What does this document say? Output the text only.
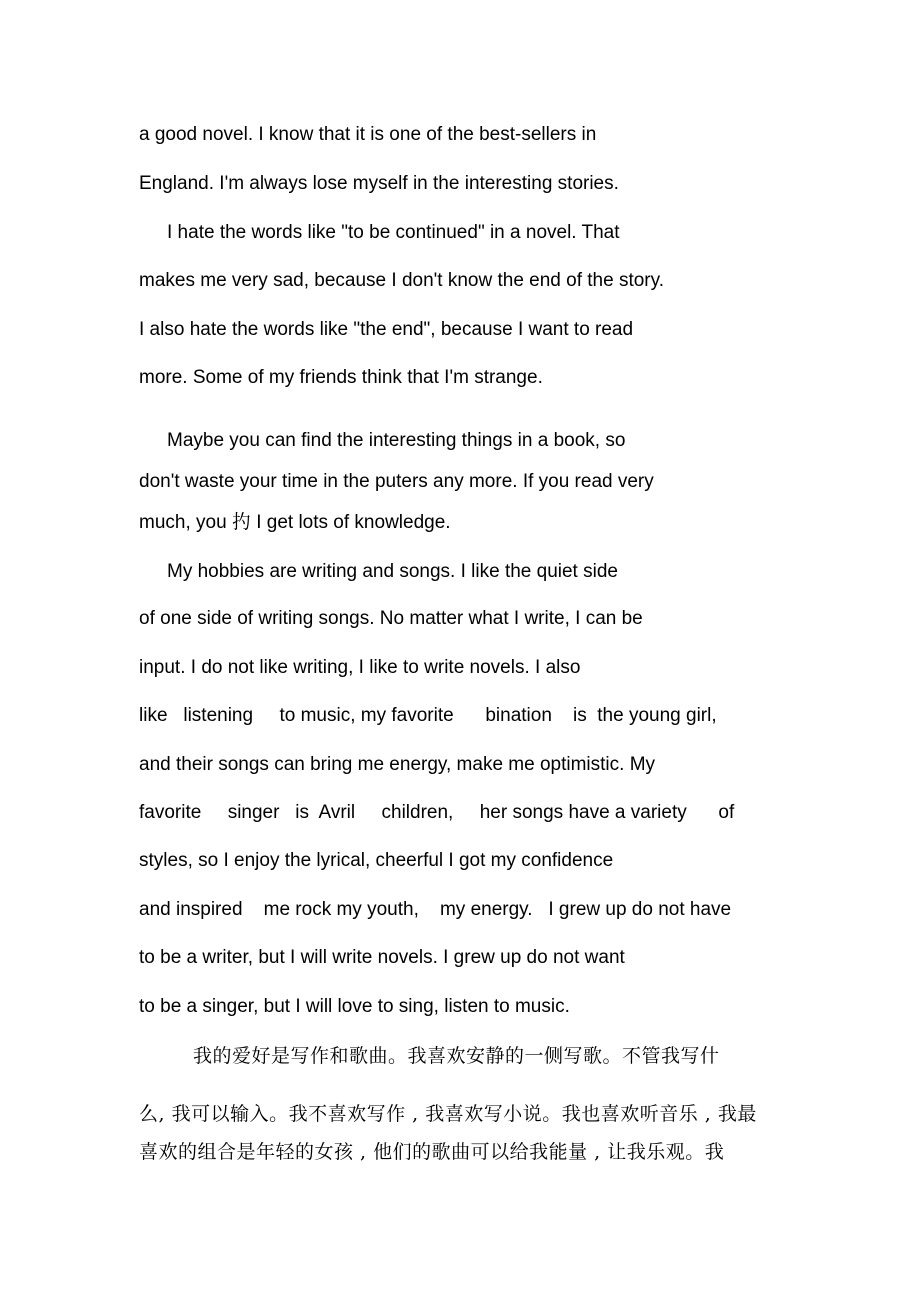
a good novel. I know that it is one of the best-sellers in
England. I'm always lose myself in the interesting stories.
I hate the words like "to be continued" in a novel. That
makes me very sad, because I don't know the end of the story.
I also hate the words like "the end", because I want to read
more. Some of my friends think that I'm strange.
Maybe you can find the interesting things in a book, so
don't waste your time in the puters any more. If you read very
much, you 扚 I get lots of knowledge.
My hobbies are writing and songs. I like the quiet side
of one side of writing songs. No matter what I write, I can be
input. I do not like writing, I like to write novels. I also
like   listening     to music, my favorite      bination    is  the young girl,
and their songs can bring me energy, make me optimistic. My
favorite     singer   is  Avril     children,     her songs have a variety      of
styles, so I enjoy the lyrical, cheerful I got my confidence
and inspired    me rock my youth,    my energy.   I grew up do not have
to be a writer, but I will write novels. I grew up do not want
to be a singer, but I will love to sing, listen to music.
我的爱好是写作和歌曲。我喜欢安静的一侧写歌。不管我写什
么, 我可以输入。我不喜欢写作 , 我喜欢写小说。我也喜欢听音乐 , 我最
喜欢的组合是年轻的女孩 , 他们的歌曲可以给我能量 , 让我乐观。我
